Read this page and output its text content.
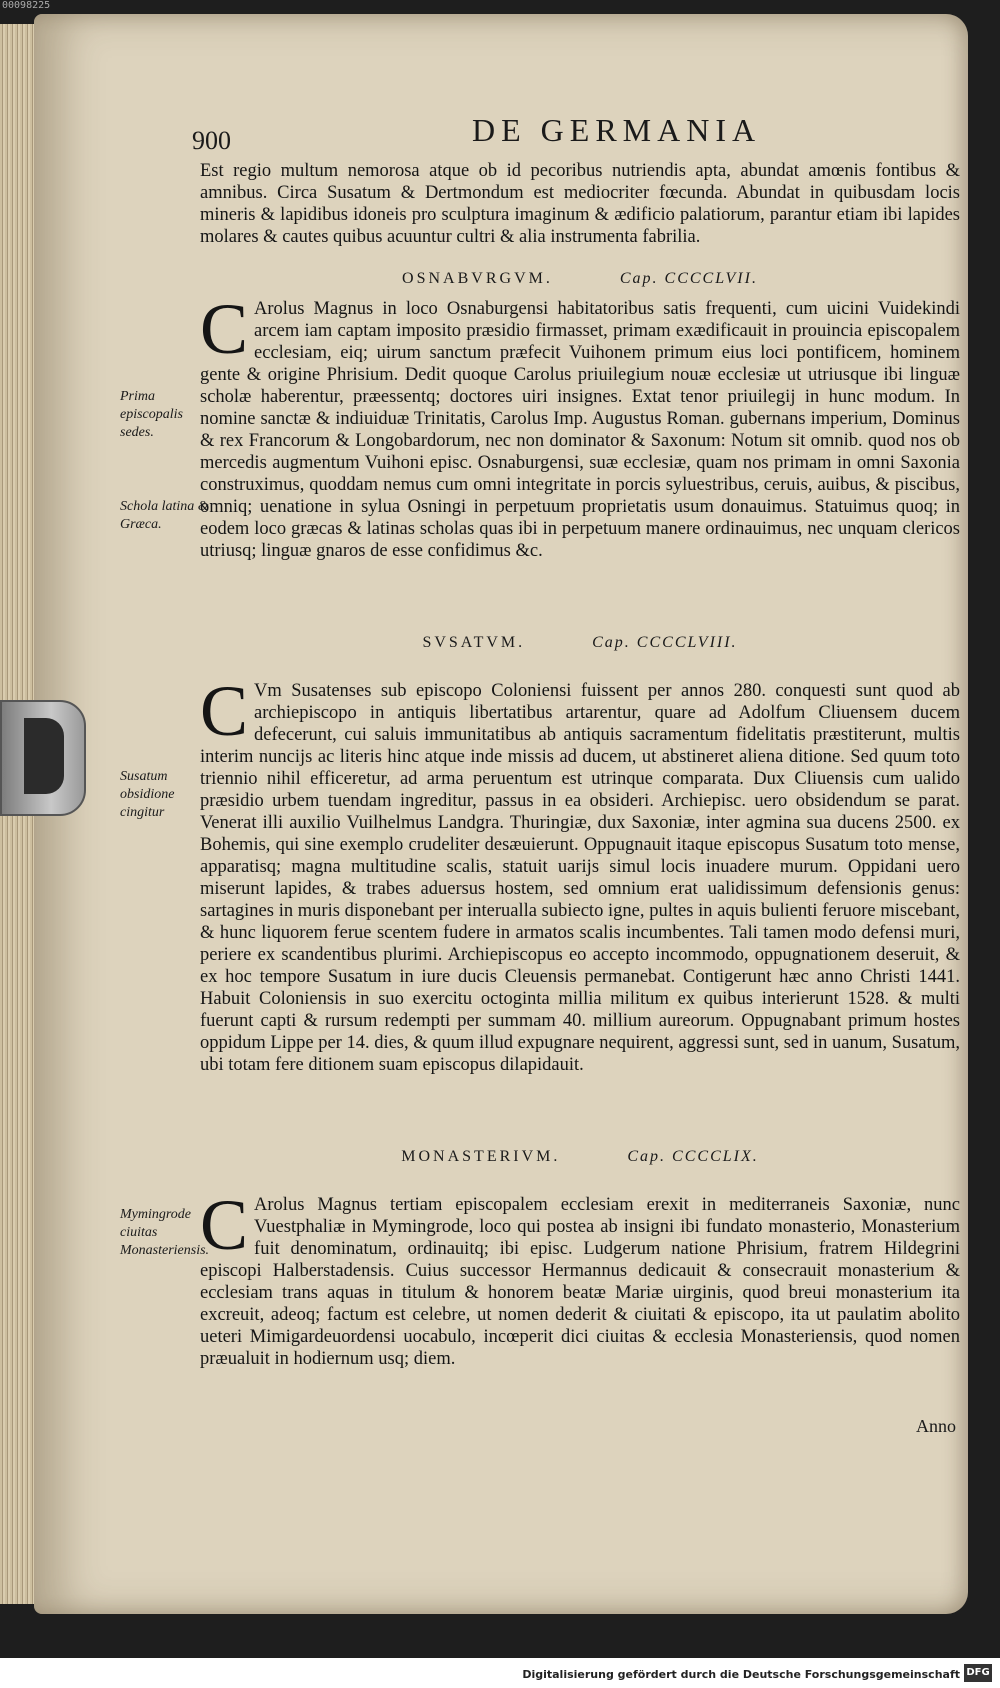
00098225
900	DE GERMANIA
Est regio multum nemorosa atque ob id pecoribus nutriendis apta, abundat amœnis fontibus & amnibus. Circa Susatum & Dertmondum est mediocriter fœcunda. Abundat in quibusdam locis mineris & lapidibus idoneis pro sculptura imaginum & ædificio palatiorum, parantur etiam ibi lapides molares & cautes quibus acuuntur cultri & alia instrumenta fabrilia.
OSNABVRGVM.	Cap. CCCCLVII.
C Arolus Magnus in loco Osnaburgensi habitatoribus satis frequenti, cum uicini Vuidekindi arcem iam captam imposito præsidio firmasset, primam exædificauit in prouincia episcopalem ecclesiam, eiq; uirum sanctum præfecit Vuihonem primum eius loci pontificem, hominem gente & origine Phrisium. Dedit quoque Carolus priuilegium nouæ ecclesiæ ut utriusque ibi linguæ scholæ haberentur, præessentq; doctores uiri insignes. Extat tenor priuilegij in hunc modum. In nomine sanctæ & indiuiduæ Trinitatis, Carolus Imp. Augustus Roman. gubernans imperium, Dominus & rex Francorum & Longobardorum, nec non dominator & Saxonum: Notum sit omnib. quod nos ob mercedis augmentum Vuihoni episc. Osnaburgensi, suæ ecclesiæ, quam nos primam in omni Saxonia construximus, quoddam nemus cum omni integritate in porcis syluestribus, ceruis, auibus, & piscibus, omniq; uenatione in sylua Osningi in perpetuum proprietatis usum donauimus. Statuimus quoq; in eodem loco græcas & latinas scholas quas ibi in perpetuum manere ordinauimus, nec unquam clericos utriusq; linguæ gnaros de esse confidimus &c.
Prima episcopalis sedes.
Schola latina & Græca.
SVSATVM.	Cap. CCCCLVIII.
C Vm Susatenses sub episcopo Coloniensi fuissent per annos 280. conquesti sunt quod ab archiepiscopo in antiquis libertatibus artarentur, quare ad Adolfum Cliuensem ducem defecerunt, cui saluis immunitatibus ab antiquis sacramentum fidelitatis præstiterunt, multis interim nuncijs ac literis hinc atque inde missis ad ducem, ut abstineret aliena ditione. Sed quum toto triennio nihil efficeretur, ad arma peruentum est utrinque comparata. Dux Cliuensis cum ualido præsidio urbem tuendam ingreditur, passus in ea obsideri. Archiepisc. uero obsidendum se parat. Venerat illi auxilio Vuilhelmus Landgra. Thuringiæ, dux Saxoniæ, inter agmina sua ducens 2500. ex Bohemis, qui sine exemplo crudeliter desæuierunt. Oppugnauit itaque episcopus Susatum toto mense, apparatisq; magna multitudine scalis, statuit uarijs simul locis inuadere murum. Oppidani uero miserunt lapides, & trabes aduersus hostem, sed omnium erat ualidissimum defensionis genus: sartagines in muris disponebant per interualla subiecto igne, pultes in aquis bulienti feruore miscebant, & hunc liquorem ferue scentem fudere in armatos scalis incumbentes. Tali tamen modo defensi muri, periere ex scandentibus plurimi. Archiepiscopus eo accepto incommodo, oppugnationem deseruit, & ex hoc tempore Susatum in iure ducis Cleuensis permanebat. Contigerunt hæc anno Christi 1441. Habuit Coloniensis in suo exercitu octoginta millia militum ex quibus interierunt 1528. & multi fuerunt capti & rursum redempti per summam 40. millium aureorum. Oppugnabant primum hostes oppidum Lippe per 14. dies, & quum illud expugnare nequirent, aggressi sunt, sed in uanum, Susatum, ubi totam fere ditionem suam episcopus dilapidauit.
Susatum obsidione cingitur
MONASTERIVM.	Cap. CCCCLIX.
C Arolus Magnus tertiam episcopalem ecclesiam erexit in mediterraneis Saxoniæ, nunc Vuestphaliæ in Mymingrode, loco qui postea ab insigni ibi fundato monasterio, Monasterium fuit denominatum, ordinauitq; ibi episc. Ludgerum natione Phrisium, fratrem Hildegrini episcopi Halberstadensis. Cuius successor Hermannus dedicauit & consecrauit monasterium & ecclesiam trans aquas in titulum & honorem beatæ Mariæ uirginis, quod breui monasterium ita excreuit, adeoq; factum est celebre, ut nomen dederit & ciuitati & episcopo, ita ut paulatim abolito ueteri Mimigardeuordensi uocabulo, incœperit dici ciuitas & ecclesia Monasteriensis, quod nomen præualuit in hodiernum usq; diem.
Mymingrode ciuitas Monasteriensis.
Anno
Digitalisierung gefördert durch die Deutsche Forschungsgemeinschaft DFG
